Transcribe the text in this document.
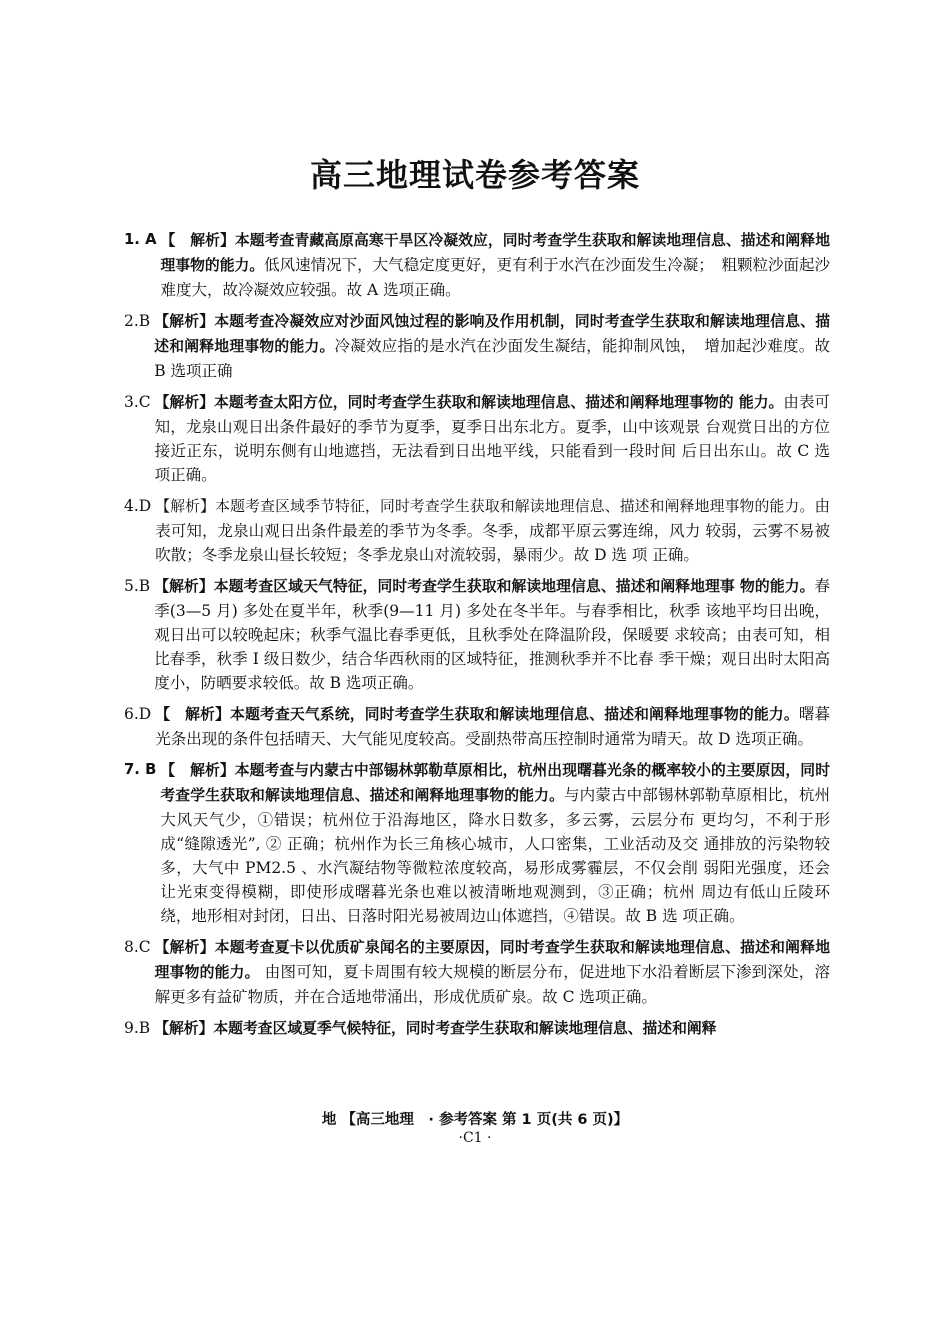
高三地理试卷参考答案
1. A 【　解析】本题考查青藏高原高寒干旱区冷凝效应，同时考查学生获取和解读地理信息、描述和阐释地理事物的能力。低风速情况下，大气稳定度更好，更有利于水汽在沙面发生冷凝；　粗颗粒沙面起沙难度大，故冷凝效应较强。故 A 选项正确。
2.B 【解析】本题考查冷凝效应对沙面风蚀过程的影响及作用机制，同时考查学生获取和解读地理信息、描述和阐释地理事物的能力。冷凝效应指的是水汽在沙面发生凝结，能抑制风蚀，　增加起沙难度。故 B 选项正确
3.C 【解析】本题考查太阳方位，同时考查学生获取和解读地理信息、描述和阐释地理事物的 能力。由表可知，龙泉山观日出条件最好的季节为夏季，夏季日出东北方。夏季，山中该观景 台观赏日出的方位接近正东，说明东侧有山地遮挡，无法看到日出地平线，只能看到一段时间 后日出东山。故 C 选项正确。
4.D 【解析】本题考查区域季节特征，同时考查学生获取和解读地理信息、描述和阐释地理事物的能力。由表可知，龙泉山观日出条件最差的季节为冬季。冬季，成都平原云雾连绵，风力 较弱，云雾不易被吹散；冬季龙泉山昼长较短；冬季龙泉山对流较弱，暴雨少。故 D 选 项 正确。
5.B 【解析】本题考查区域天气特征，同时考查学生获取和解读地理信息、描述和阐释地理事 物的能力。春季(3—5 月) 多处在夏半年，秋季(9—11 月) 多处在冬半年。与春季相比，秋季 该地平均日出晚，观日出可以较晚起床；秋季气温比春季更低，且秋季处在降温阶段，保暖要 求较高；由表可知，相比春季，秋季 I 级日数少，结合华西秋雨的区域特征，推测秋季并不比春 季干燥；观日出时太阳高度小，防晒要求较低。故 B 选项正确。
6.D 【　解析】本题考查天气系统，同时考查学生获取和解读地理信息、描述和阐释地理事物的能力。曙暮光条出现的条件包括晴天、大气能见度较高。受副热带高压控制时通常为晴天。故 D 选项正确。
7. B 【　解析】本题考查与内蒙古中部锡林郭勒草原相比，杭州出现曙暮光条的概率较小的主要原因，同时考查学生获取和解读地理信息、描述和阐释地理事物的能力。与内蒙古中部锡林郭勒草原相比，杭州大风天气少，①错误；杭州位于沿海地区，降水日数多，多云雾，云层分布 更均匀，不利于形成“缝隙透光”, ② 正确；杭州作为长三角核心城市，人口密集，工业活动及交 通排放的污染物较多，大气中 PM2.5 、水汽凝结物等微粒浓度较高，易形成雾霾层，不仅会削 弱阳光强度，还会让光束变得模糊，即使形成曙暮光条也难以被清晰地观测到，③正确；杭州 周边有低山丘陵环绕，地形相对封闭，日出、日落时阳光易被周边山体遮挡，④错误。故 B 选 项正确。
8.C 【解析】本题考查夏卡以优质矿泉闻名的主要原因，同时考查学生获取和解读地理信息、描述和阐释地理事物的能力。 由图可知，夏卡周围有较大规模的断层分布，促进地下水沿着断层下渗到深处，溶解更多有益矿物质，并在合适地带涌出，形成优质矿泉。故 C 选项正确。
9.B 【解析】本题考查区域夏季气候特征，同时考查学生获取和解读地理信息、描述和阐释
地 【高三地理　· 参考答案 第 1 页(共 6 页)】
·C1 ·
